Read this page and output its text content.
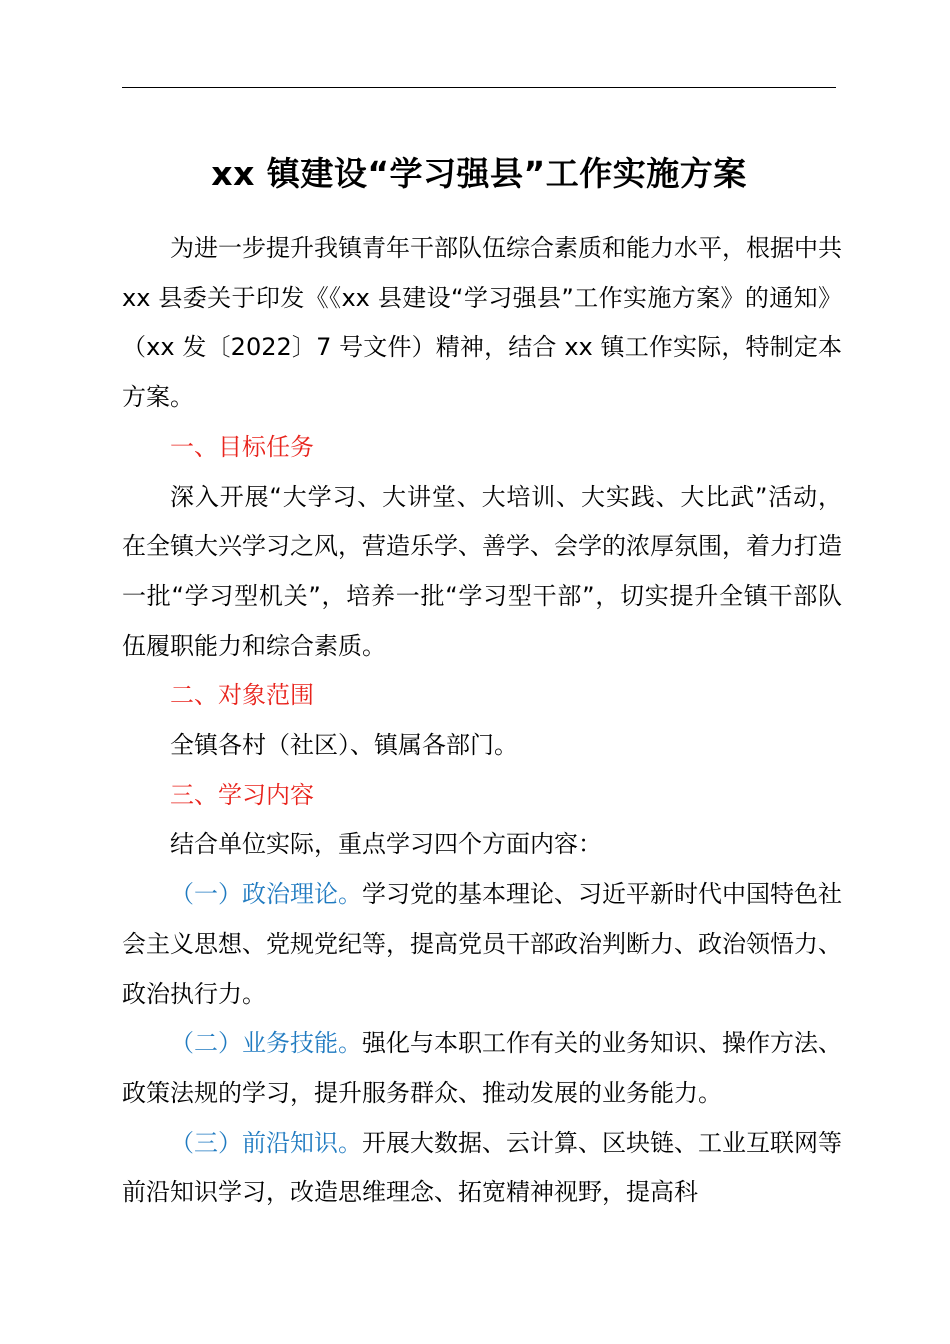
xx 镇建设“学习强县”工作实施方案

为进一步提升我镇青年干部队伍综合素质和能力水平，根据中共 xx 县委关于印发《《xx 县建设“学习强县”工作实施方案》的通知》（xx 发〔2022〕7 号文件）精神，结合 xx 镇工作实际，特制定本方案。

一、目标任务

深入开展“大学习、大讲堂、大培训、大实践、大比武”活动，在全镇大兴学习之风，营造乐学、善学、会学的浓厚氛围，着力打造一批“学习型机关”，培养一批“学习型干部”，切实提升全镇干部队伍履职能力和综合素质。

二、对象范围

全镇各村（社区）、镇属各部门。

三、学习内容

结合单位实际，重点学习四个方面内容：

（一）政治理论。学习党的基本理论、习近平新时代中国特色社会主义思想、党规党纪等，提高党员干部政治判断力、政治领悟力、政治执行力。

（二）业务技能。强化与本职工作有关的业务知识、操作方法、政策法规的学习，提升服务群众、推动发展的业务能力。

（三）前沿知识。开展大数据、云计算、区块链、工业互联网等前沿知识学习，改造思维理念、拓宽精神视野，提高科
